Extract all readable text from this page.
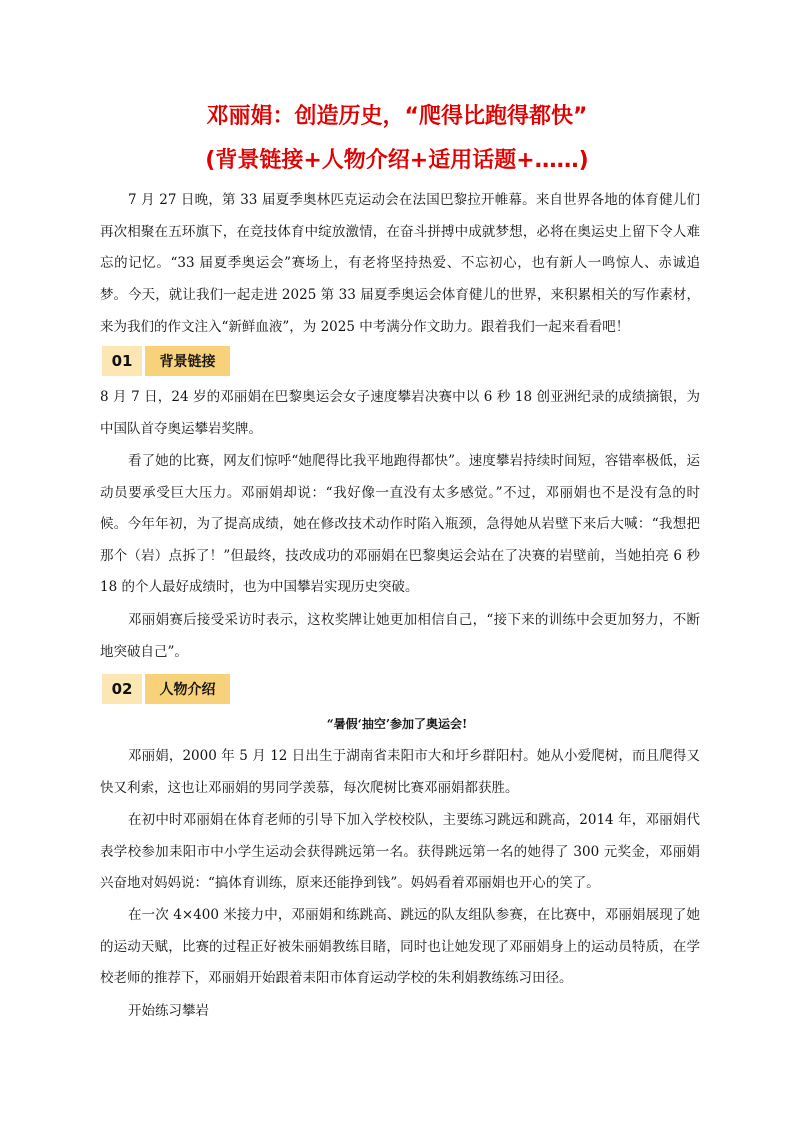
邓丽娟：创造历史，“爬得比跑得都快”
(背景链接+人物介绍+适用话题+……)

7 月 27 日晚，第 33 届夏季奥林匹克运动会在法国巴黎拉开帷幕。来自世界各地的体育健儿们再次相聚在五环旗下，在竞技体育中绽放激情，在奋斗拼搏中成就梦想，必将在奥运史上留下令人难忘的记忆。“33 届夏季奥运会”赛场上，有老将坚持热爱、不忘初心，也有新人一鸣惊人、赤诚追梦。 今天，就让我们一起走进 2025 第 33 届夏季奥运会体育健儿的世界，来积累相关的写作素材，来为我们的作文注入“新鲜血液”，为 2025 中考满分作文助力。跟着我们一起来看看吧！

01	背景链接

8 月 7 日，24 岁的邓丽娟在巴黎奥运会女子速度攀岩决赛中以 6 秒 18 创亚洲纪录的成绩摘银，为中国队首夺奥运攀岩奖牌。

看了她的比赛，网友们惊呼“她爬得比我平地跑得都快”。速度攀岩持续时间短，容错率极低，运动员要承受巨大压力。邓丽娟却说：“我好像一直没有太多感觉。”不过，邓丽娟也不是没有急的时候。今年年初，为了提高成绩，她在修改技术动作时陷入瓶颈，急得她从岩壁下来后大喊：“我想把那个（岩）点拆了！”但最终，技改成功的邓丽娟在巴黎奥运会站在了决赛的岩壁前，当她拍亮 6 秒 18 的个人最好成绩时，也为中国攀岩实现历史突破。

邓丽娟赛后接受采访时表示，这枚奖牌让她更加相信自己，“接下来的训练中会更加努力，不断地突破自己”。

02	人物介绍

“暑假‘抽空’参加了奥运会!

邓丽娟，2000 年 5 月 12 日出生于湖南省耒阳市大和圩乡群阳村。她从小爱爬树，而且爬得又快又利索，这也让邓丽娟的男同学羡慕，每次爬树比赛邓丽娟都获胜。

在初中时邓丽娟在体育老师的引导下加入学校校队，主要练习跳远和跳高，2014 年，邓丽娟代表学校参加耒阳市中小学生运动会获得跳远第一名。获得跳远第一名的她得了 300 元奖金，邓丽娟兴奋地对妈妈说：“搞体育训练，原来还能挣到钱”。妈妈看着邓丽娟也开心的笑了。

在一次 4×400 米接力中，邓丽娟和练跳高、跳远的队友组队参赛，在比赛中，邓丽娟展现了她的运动天赋，比赛的过程正好被朱丽娟教练目睹，同时也让她发现了邓丽娟身上的运动员特质，在学校老师的推荐下，邓丽娟开始跟着耒阳市体育运动学校的朱利娟教练练习田径。

开始练习攀岩
